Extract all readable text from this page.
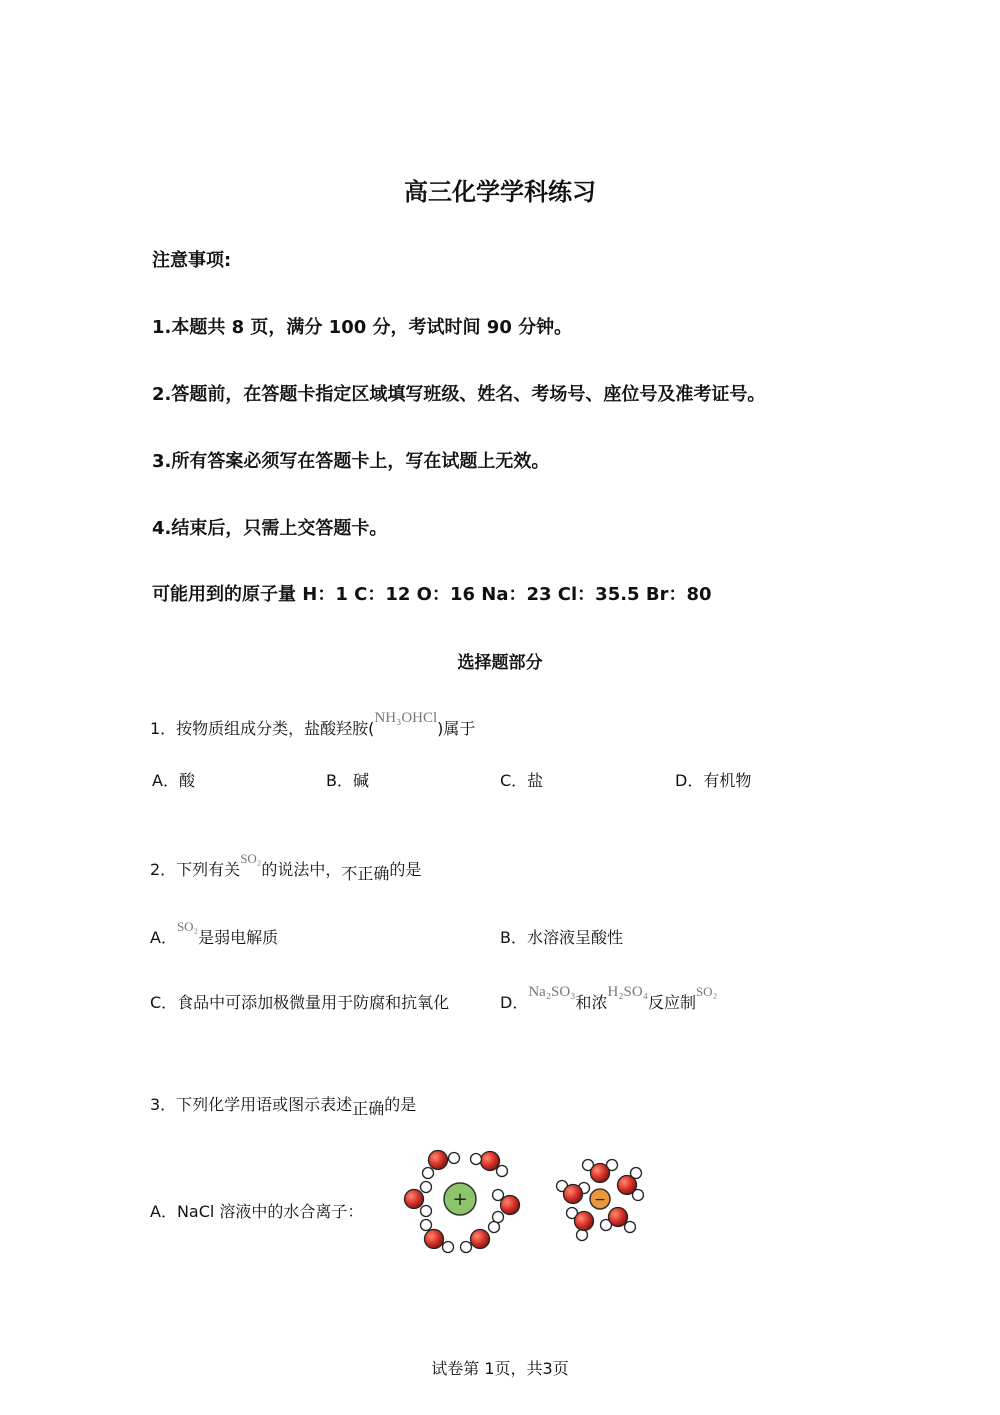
高三化学学科练习
注意事项:
1.本题共 8 页，满分 100 分，考试时间 90 分钟。
2.答题前，在答题卡指定区域填写班级、姓名、考场号、座位号及准考证号。
3.所有答案必须写在答题卡上，写在试题上无效。
4.结束后，只需上交答题卡。
可能用到的原子量 H：1 C：12 O：16 Na：23 Cl：35.5 Br：80
选择题部分
1．按物质组成分类，盐酸羟胺(NH₃OHCl)属于
A．酸	B．碱	C．盐	D．有机物
2．下列有关$^{SO_2}$的说法中，不正确的是
A．$^{SO_2}$是弱电解质	B．水溶液呈酸性
C．食品中可添加极微量用于防腐和抗氧化	D．Na₂SO₃和浓H₂SO₄反应制$^{SO_2}$
3．下列化学用语或图示表述正确的是
A．NaCl 溶液中的水合离子：
+	−
试卷第 1页，共3页
